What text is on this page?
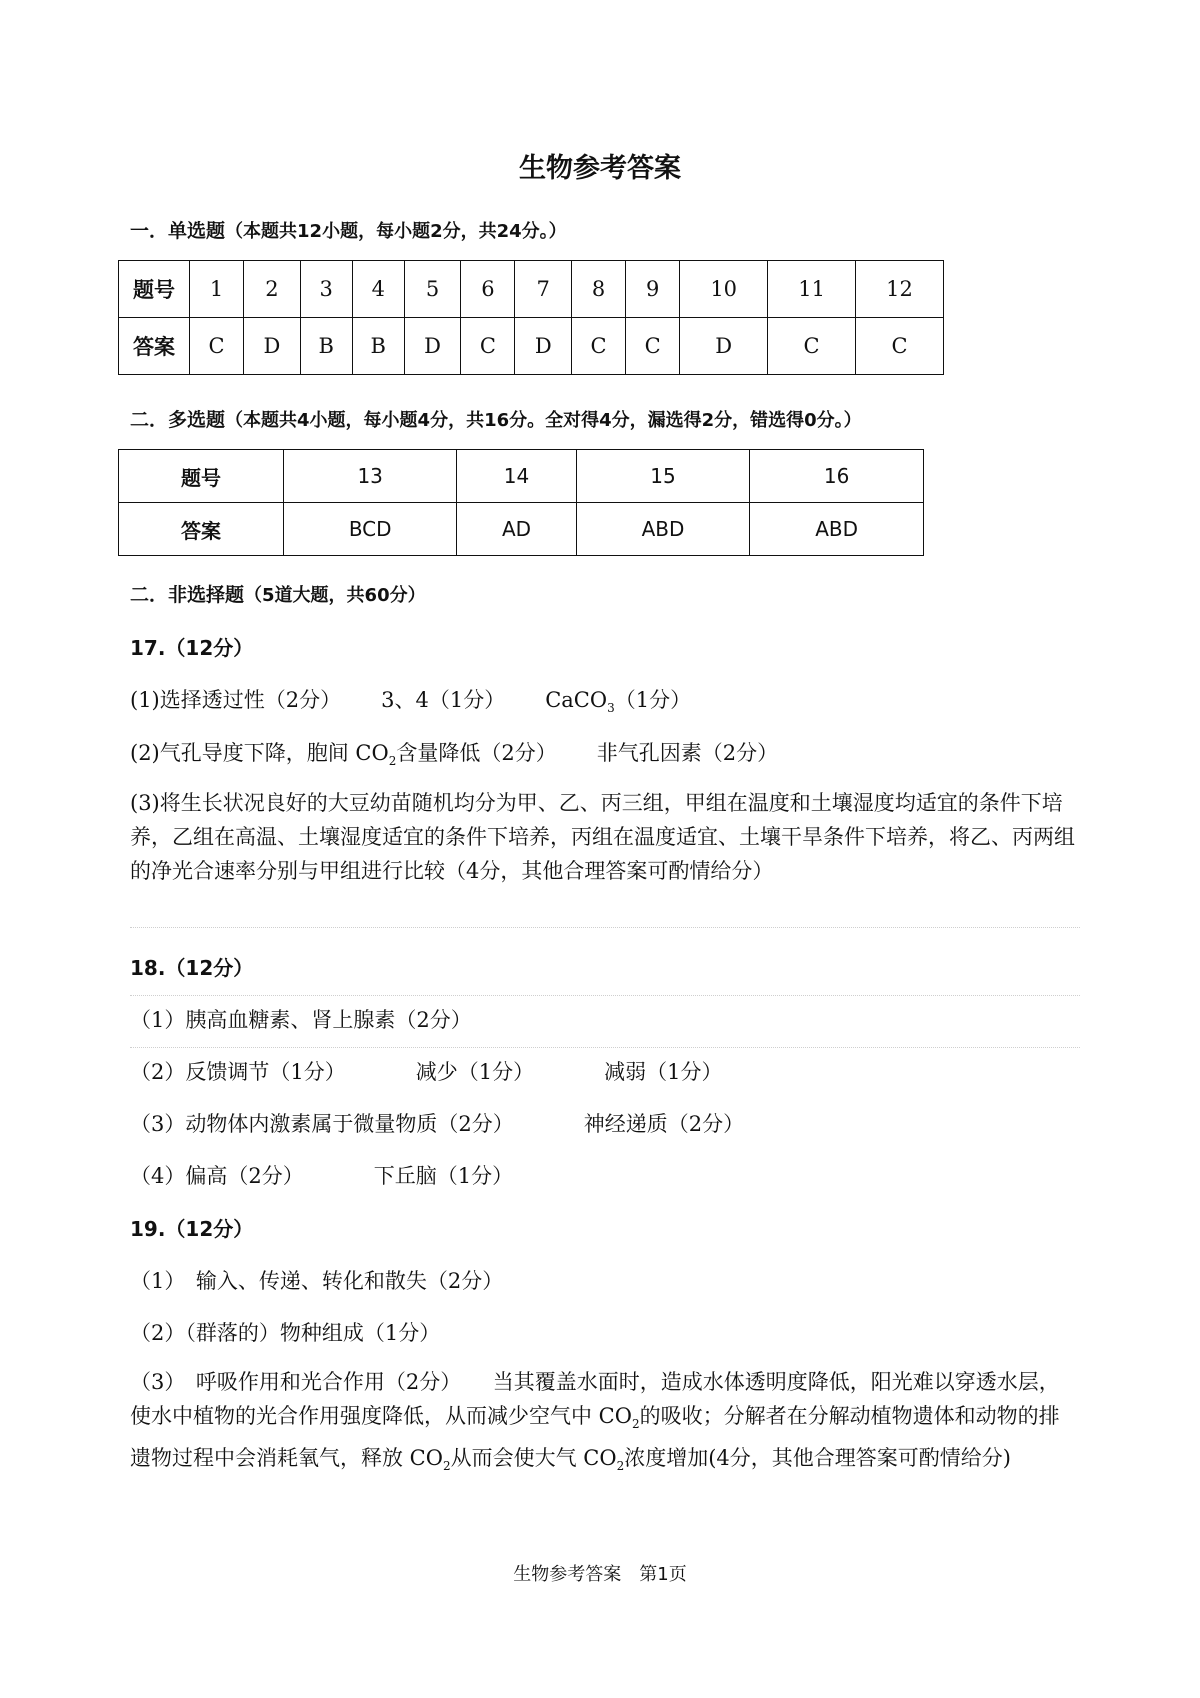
生物参考答案
一．单选题（本题共12小题，每小题2分，共24分。）
题号	1	2	3	4	5	6	7	8	9	10	11	12
答案	C	D	B	B	D	C	D	C	C	D	C	C
二．多选题（本题共4小题，每小题4分，共16分。全对得4分，漏选得2分，错选得0分。）
题号	13	14	15	16
答案	BCD	AD	ABD	ABD
二．非选择题（5道大题，共60分）
17.（12分）
(1)选择透过性（2分） 3、4（1分） CaCO$_3$（1分）
(2)气孔导度下降，胞间 $CO_2$含量降低（2分） 非气孔因素（2分）
(3)将生长状况良好的大豆幼苗随机均分为甲、乙、丙三组，甲组在温度和土壤湿度均适宜的条件下培养，乙组在高温、土壤湿度适宜的条件下培养，丙组在温度适宜、土壤干旱条件下培养，将乙、丙两组的净光合速率分别与甲组进行比较（4分，其他合理答案可酌情给分）
18.（12分）
（1）胰高血糖素、肾上腺素（2分）
（2）反馈调节（1分）	减少（1分）	减弱（1分）
（3）动物体内激素属于微量物质（2分）	神经递质（2分）
（4）偏高（2分）	下丘脑（1分）
19.（12分）
（1）　输入、传递、转化和散失（2分）
（2）（群落的）物种组成（1分）
（3）　呼吸作用和光合作用（2分）　　当其覆盖水面时，造成水体透明度降低，阳光难以穿透水层，使水中植物的光合作用强度降低，从而减少空气中 $CO_2$的吸收；分解者在分解动植物遗体和动物的排遗物过程中会消耗氧气，释放 $CO_2$从而会使大气 $CO_2$浓度增加(4分，其他合理答案可酌情给分)
生物参考答案　第1页
